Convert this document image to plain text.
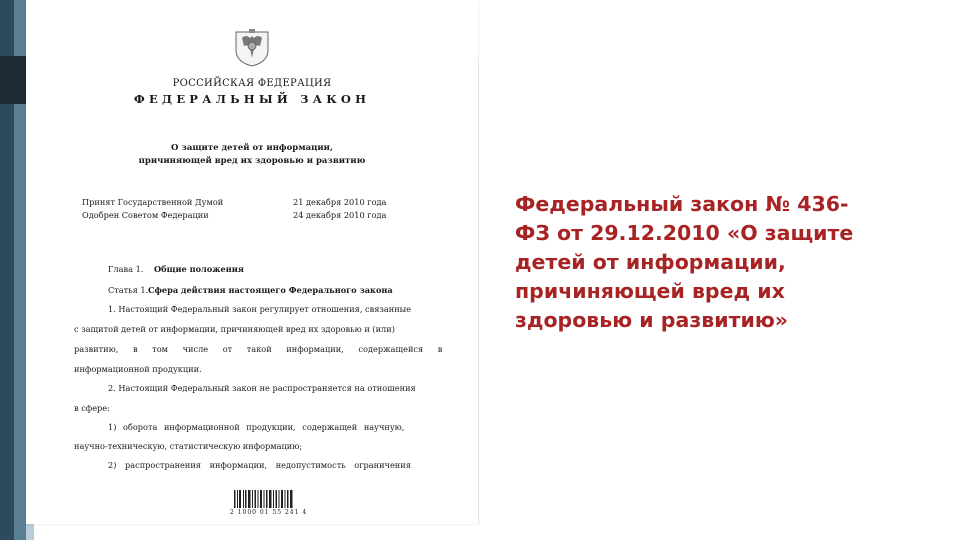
РОССИЙСКАЯ ФЕДЕРАЦИЯ
ФЕДЕРАЛЬНЫЙ ЗАКОН
О защите детей от информации,
причиняющей вред их здоровью и развитию
Принят Государственной Думой	21 декабря 2010 года
Одобрен Советом Федерации	24 декабря 2010 года
Глава 1. Общие положения
Статья 1. Сфера действия настоящего Федерального закона
1. Настоящий Федеральный закон регулирует отношения, связанные
с защитой детей от информации, причиняющей вред их здоровью и (или)
развитию, в том числе от такой информации, содержащейся в
информационной продукции.
2. Настоящий Федеральный закон не распространяется на отношения
в сфере:
1) оборота информационной продукции, содержащей научную,
научно-техническую, статистическую информацию;
2) распространения информации, недопустимость ограничения
2 1000 01 55 241 4
Федеральный закон № 436-
ФЗ от 29.12.2010 «О защите
детей от информации,
причиняющей вред их
здоровью и развитию»
